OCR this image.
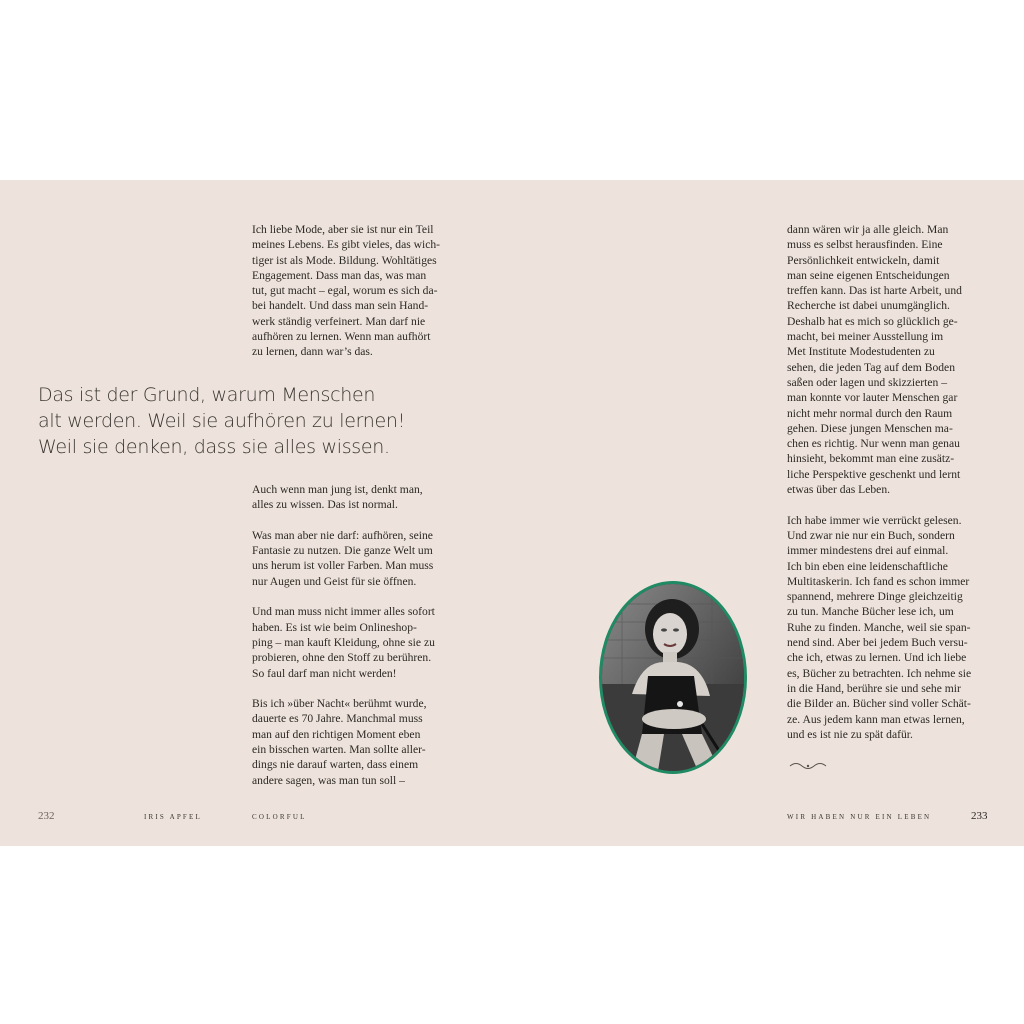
Ich liebe Mode, aber sie ist nur ein Teil
meines Lebens. Es gibt vieles, das wich-
tiger ist als Mode. Bildung. Wohltätiges
Engagement. Dass man das, was man
tut, gut macht – egal, worum es sich da-
bei handelt. Und dass man sein Hand-
werk ständig verfeinert. Man darf nie
aufhören zu lernen. Wenn man aufhört
zu lernen, dann war’s das.

Das ist der Grund, warum Menschen
alt werden. Weil sie aufhören zu lernen!
Weil sie denken, dass sie alles wissen.

Auch wenn man jung ist, denkt man,
alles zu wissen. Das ist normal.

Was man aber nie darf: aufhören, seine
Fantasie zu nutzen. Die ganze Welt um
uns herum ist voller Farben. Man muss
nur Augen und Geist für sie öffnen.

Und man muss nicht immer alles sofort
haben. Es ist wie beim Onlineshop-
ping – man kauft Kleidung, ohne sie zu
probieren, ohne den Stoff zu berühren.
So faul darf man nicht werden!

Bis ich »über Nacht« berühmt wurde,
dauerte es 70 Jahre. Manchmal muss
man auf den richtigen Moment eben
ein bisschen warten. Man sollte aller-
dings nie darauf warten, dass einem
andere sagen, was man tun soll –

232	IRIS APFEL	COLORFUL

dann wären wir ja alle gleich. Man
muss es selbst herausfinden. Eine
Persönlichkeit entwickeln, damit
man seine eigenen Entscheidungen
treffen kann. Das ist harte Arbeit, und
Recherche ist dabei unumgänglich.
Deshalb hat es mich so glücklich ge-
macht, bei meiner Ausstellung im
Met Institute Modestudenten zu
sehen, die jeden Tag auf dem Boden
saßen oder lagen und skizzierten –
man konnte vor lauter Menschen gar
nicht mehr normal durch den Raum
gehen. Diese jungen Menschen ma-
chen es richtig. Nur wenn man genau
hinsieht, bekommt man eine zusätz-
liche Perspektive geschenkt und lernt
etwas über das Leben.

Ich habe immer wie verrückt gelesen.
Und zwar nie nur ein Buch, sondern
immer mindestens drei auf einmal.
Ich bin eben eine leidenschaftliche
Multitaskerin. Ich fand es schon immer
spannend, mehrere Dinge gleichzeitig
zu tun. Manche Bücher lese ich, um
Ruhe zu finden. Manche, weil sie span-
nend sind. Aber bei jedem Buch versu-
che ich, etwas zu lernen. Und ich liebe
es, Bücher zu betrachten. Ich nehme sie
in die Hand, berühre sie und sehe mir
die Bilder an. Bücher sind voller Schät-
ze. Aus jedem kann man etwas lernen,
und es ist nie zu spät dafür.

WIR HABEN NUR EIN LEBEN	233
